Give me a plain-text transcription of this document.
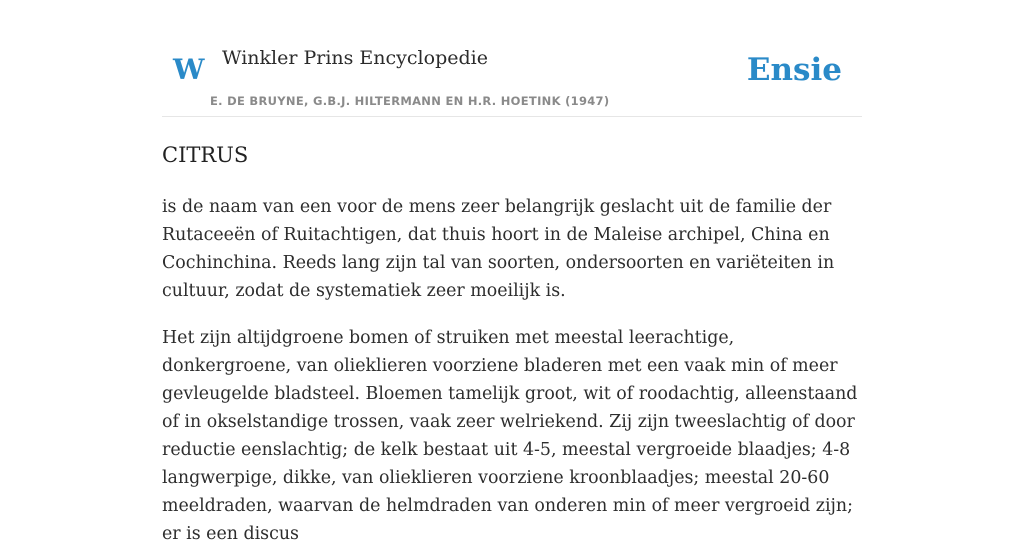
W Winkler Prins Encyclopedie
E. DE BRUYNE, G.B.J. HILTERMANN EN H.R. HOETINK (1947)
Ensie
CITRUS

is de naam van een voor de mens zeer belangrijk geslacht uit de familie der Rutaceeën of Ruitachtigen, dat thuis hoort in de Maleise archipel, China en Cochinchina. Reeds lang zijn tal van soorten, ondersoorten en variëteiten in cultuur, zodat de systematiek zeer moeilijk is.

Het zijn altijdgroene bomen of struiken met meestal leerachtige, donkergroene, van olieklieren voorziene bladeren met een vaak min of meer gevleugelde bladsteel. Bloemen tamelijk groot, wit of roodachtig, alleenstaand of in okselstandige trossen, vaak zeer welriekend. Zij zijn tweeslachtig of door reductie eenslachtig; de kelk bestaat uit 4-5, meestal vergroeide blaadjes; 4-8 langwerpige, dikke, van olieklieren voorziene kroonblaadjes; meestal 20-60 meeldraden, waarvan de helmdraden van onderen min of meer vergroeid zijn; er is een discus
